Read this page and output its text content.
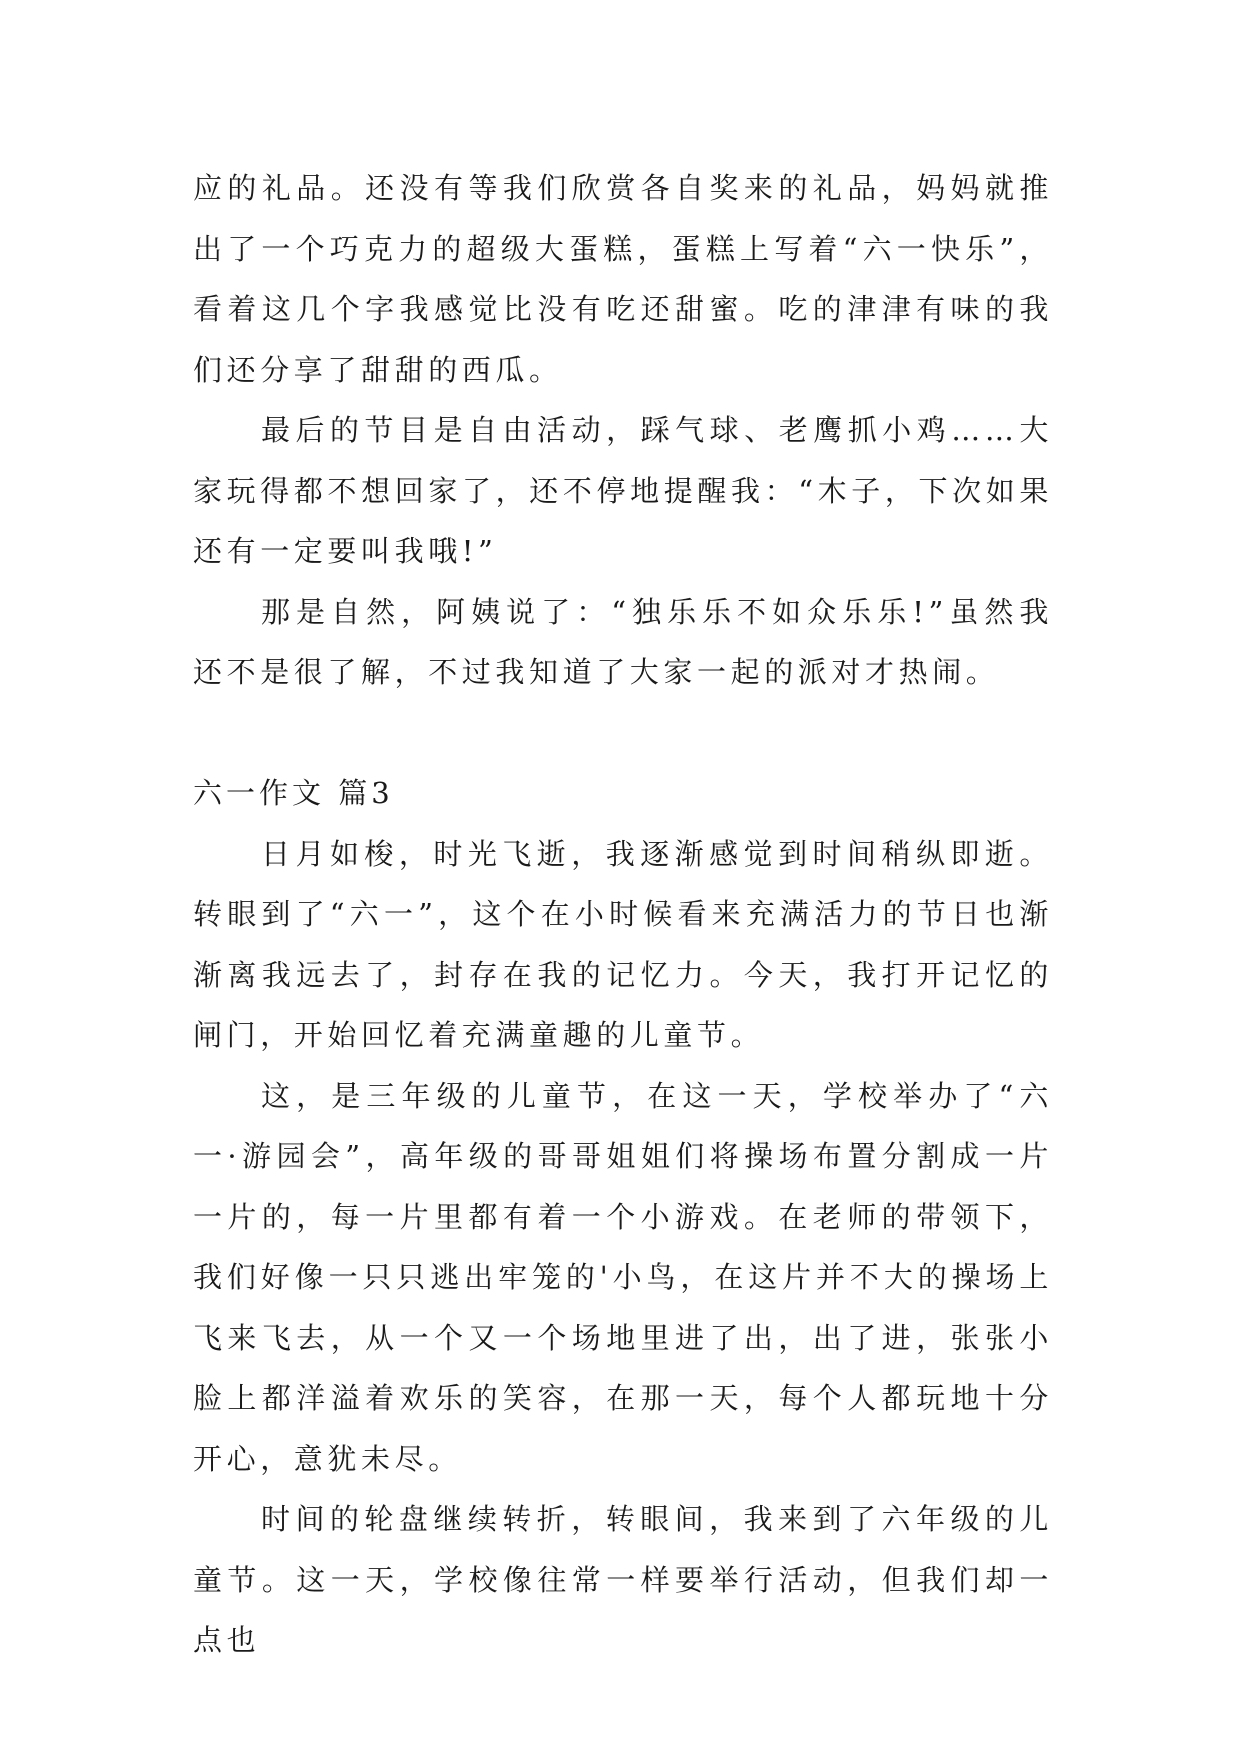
应的礼品。还没有等我们欣赏各自奖来的礼品，妈妈就推出了一个巧克力的超级大蛋糕，蛋糕上写着“六一快乐”，看着这几个字我感觉比没有吃还甜蜜。吃的津津有味的我们还分享了甜甜的西瓜。

最后的节目是自由活动，踩气球、老鹰抓小鸡……大家玩得都不想回家了，还不停地提醒我：“木子，下次如果还有一定要叫我哦!”

那是自然，阿姨说了：“独乐乐不如众乐乐!”虽然我还不是很了解，不过我知道了大家一起的派对才热闹。

六一作文 篇3

日月如梭，时光飞逝，我逐渐感觉到时间稍纵即逝。转眼到了“六一”，这个在小时候看来充满活力的节日也渐渐离我远去了，封存在我的记忆力。今天，我打开记忆的闸门，开始回忆着充满童趣的儿童节。

这，是三年级的儿童节，在这一天，学校举办了“六一·游园会”，高年级的哥哥姐姐们将操场布置分割成一片一片的，每一片里都有着一个小游戏。在老师的带领下，我们好像一只只逃出牢笼的'小鸟，在这片并不大的操场上飞来飞去，从一个又一个场地里进了出，出了进，张张小脸上都洋溢着欢乐的笑容，在那一天，每个人都玩地十分开心，意犹未尽。

时间的轮盘继续转折，转眼间，我来到了六年级的儿童节。这一天，学校像往常一样要举行活动，但我们却一点也
